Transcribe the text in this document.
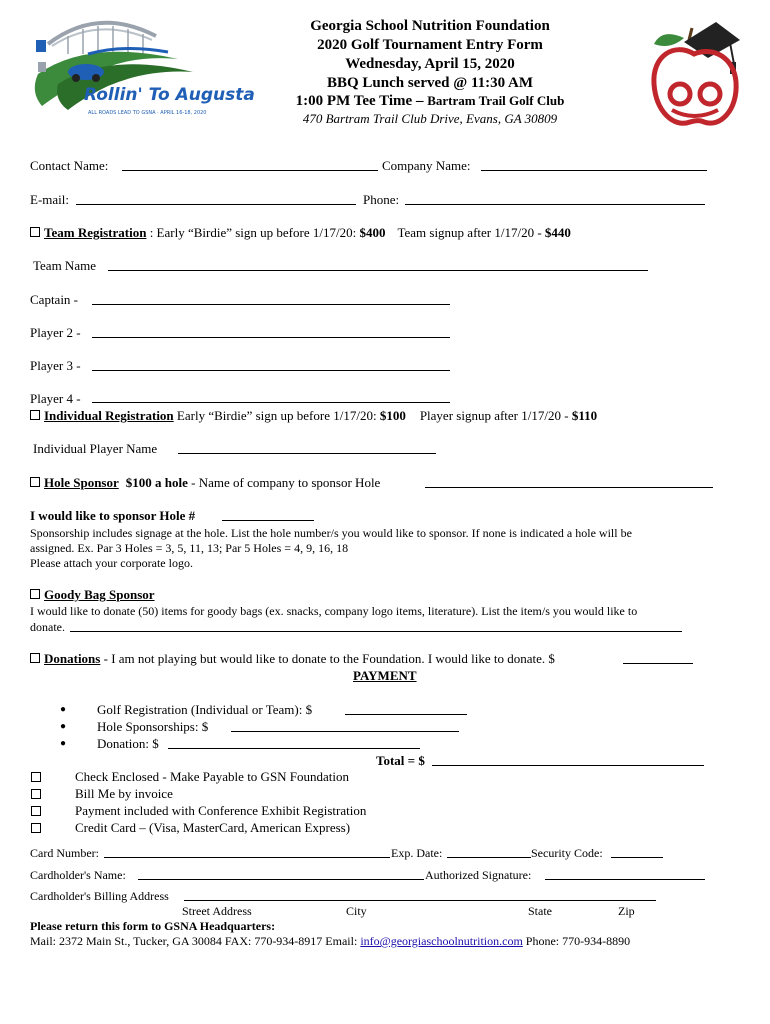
Rollin' To Augusta
ALL ROADS LEAD TO GSNA · APRIL 16-18, 2020
Georgia School Nutrition Foundation
2020 Golf Tournament Entry Form
Wednesday, April 15, 2020
BBQ Lunch served @ 11:30 AM
1:00 PM Tee Time – Bartram Trail Golf Club
470 Bartram Trail Club Drive, Evans, GA 30809
Contact Name:	Company Name:
E-mail:	Phone:
Team Registration : Early “Birdie” sign up before 1/17/20: $400 Team signup after 1/17/20 - $440
Team Name
Captain -
Player 2 -
Player 3 -
Player 4 -
Individual Registration Early “Birdie” sign up before 1/17/20: $100 Player signup after 1/17/20 - $110
Individual Player Name
Hole Sponsor $100 a hole - Name of company to sponsor Hole
I would like to sponsor Hole #
Sponsorship includes signage at the hole. List the hole number/s you would like to sponsor. If none is indicated a hole will be
assigned. Ex. Par 3 Holes = 3, 5, 11, 13; Par 5 Holes = 4, 9, 16, 18
Please attach your corporate logo.
Goody Bag Sponsor
I would like to donate (50) items for goody bags (ex. snacks, company logo items, literature). List the item/s you would like to
donate.
Donations - I am not playing but would like to donate to the Foundation. I would like to donate. $
PAYMENT
● Golf Registration (Individual or Team): $
● Hole Sponsorships: $
● Donation: $
Total = $
Check Enclosed - Make Payable to GSN Foundation
Bill Me by invoice
Payment included with Conference Exhibit Registration
Credit Card – (Visa, MasterCard, American Express)
Card Number:	Exp. Date:	Security Code:
Cardholder's Name:	Authorized Signature:
Cardholder's Billing Address
Street Address	City	State	Zip
Please return this form to GSNA Headquarters:
Mail: 2372 Main St., Tucker, GA 30084 FAX: 770-934-8917 Email: info@georgiaschoolnutrition.com Phone: 770-934-8890
